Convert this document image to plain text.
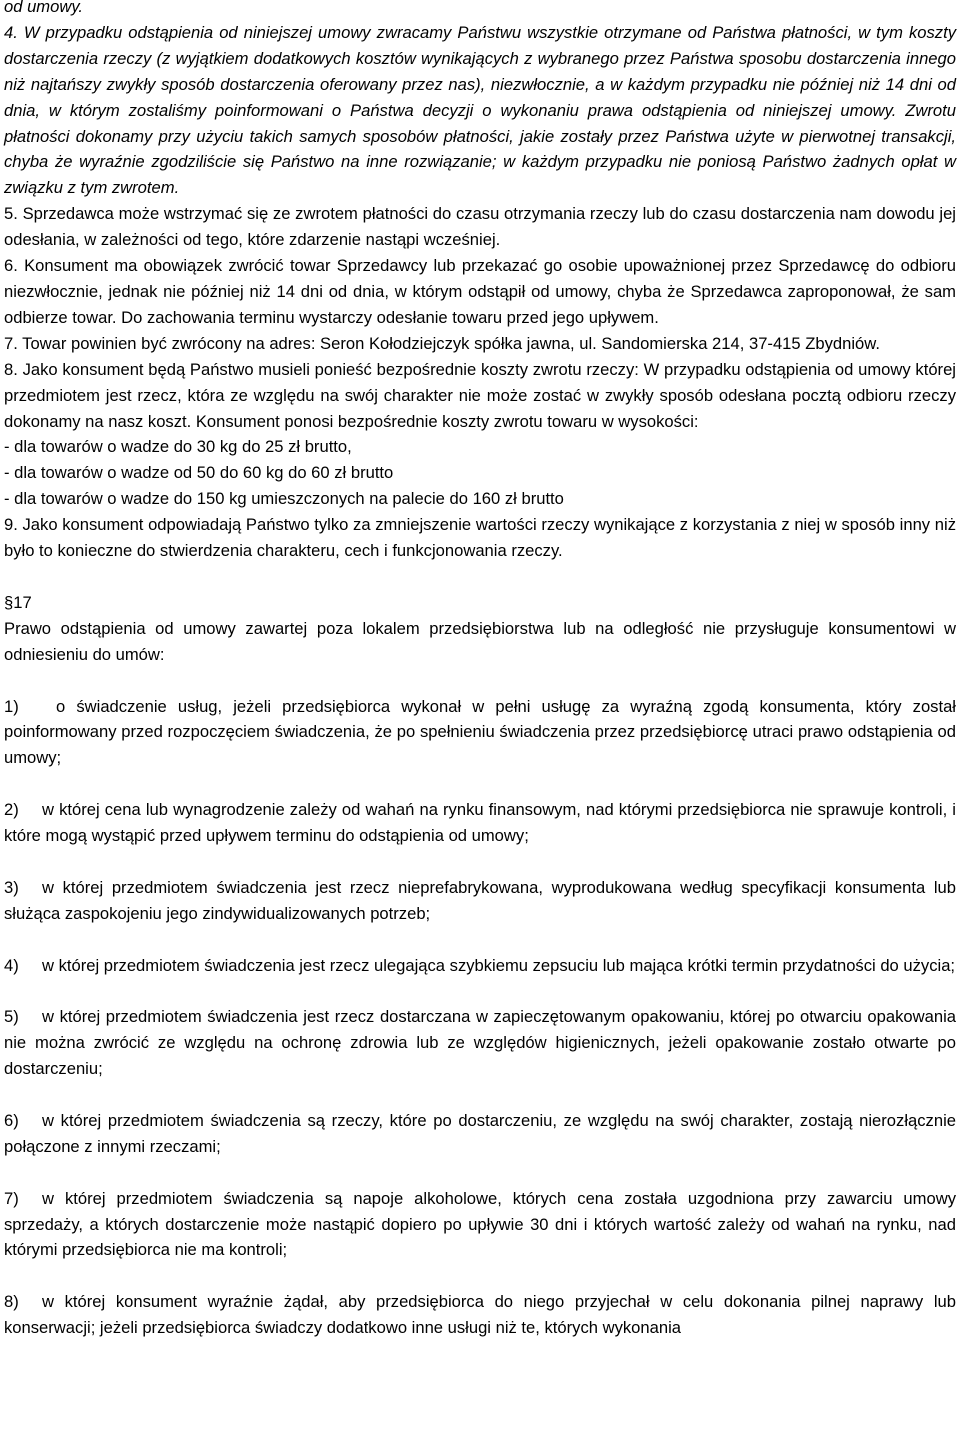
od umowy.

4. W przypadku odstąpienia od niniejszej umowy zwracamy Państwu wszystkie otrzymane od Państwa płatności, w tym koszty dostarczenia rzeczy (z wyjątkiem dodatkowych kosztów wynikających z wybranego przez Państwa sposobu dostarczenia innego niż najtańszy zwykły sposób dostarczenia oferowany przez nas), niezwłocznie, a w każdym przypadku nie później niż 14 dni od dnia, w którym zostaliśmy poinformowani o Państwa decyzji o wykonaniu prawa odstąpienia od niniejszej umowy. Zwrotu płatności dokonamy przy użyciu takich samych sposobów płatności, jakie zostały przez Państwa użyte w pierwotnej transakcji, chyba że wyraźnie zgodziliście się Państwo na inne rozwiązanie; w każdym przypadku nie poniosą Państwo żadnych opłat w związku z tym zwrotem.

5. Sprzedawca może wstrzymać się ze zwrotem płatności do czasu otrzymania rzeczy lub do czasu dostarczenia nam dowodu jej odesłania, w zależności od tego, które zdarzenie nastąpi wcześniej.

6. Konsument ma obowiązek zwrócić towar Sprzedawcy lub przekazać go osobie upoważnionej przez Sprzedawcę do odbioru niezwłocznie, jednak nie później niż 14 dni od dnia, w którym odstąpił od umowy, chyba że Sprzedawca zaproponował, że sam odbierze towar. Do zachowania terminu wystarczy odesłanie towaru przed jego upływem.

7. Towar powinien być zwrócony na adres: Seron Kołodziejczyk spółka jawna, ul. Sandomierska 214, 37-415 Zbydniów.

8. Jako konsument będą Państwo musieli ponieść bezpośrednie koszty zwrotu rzeczy: W przypadku odstąpienia od umowy której przedmiotem jest rzecz, która ze względu na swój charakter nie może zostać w zwykły sposób odesłana pocztą odbioru rzeczy dokonamy na nasz koszt. Konsument ponosi bezpośrednie koszty zwrotu towaru w wysokości:

- dla towarów o wadze do 30 kg do 25 zł brutto,

- dla towarów o wadze od 50 do 60 kg do 60 zł brutto

- dla towarów o wadze do 150 kg umieszczonych na palecie do 160 zł brutto

9. Jako konsument odpowiadają Państwo tylko za zmniejszenie wartości rzeczy wynikające z korzystania z niej w sposób inny niż było to konieczne do stwierdzenia charakteru, cech i funkcjonowania rzeczy.

§17

Prawo odstąpienia od umowy zawartej poza lokalem przedsiębiorstwa lub na odległość nie przysługuje konsumentowi w odniesieniu do umów:

1) o świadczenie usług, jeżeli przedsiębiorca wykonał w pełni usługę za wyraźną zgodą konsumenta, który został poinformowany przed rozpoczęciem świadczenia, że po spełnieniu świadczenia przez przedsiębiorcę utraci prawo odstąpienia od umowy;

2) w której cena lub wynagrodzenie zależy od wahań na rynku finansowym, nad którymi przedsiębiorca nie sprawuje kontroli, i które mogą wystąpić przed upływem terminu do odstąpienia od umowy;

3) w której przedmiotem świadczenia jest rzecz nieprefabrykowana, wyprodukowana według specyfikacji konsumenta lub służąca zaspokojeniu jego zindywidualizowanych potrzeb;

4) w której przedmiotem świadczenia jest rzecz ulegająca szybkiemu zepsuciu lub mająca krótki termin przydatności do użycia;

5) w której przedmiotem świadczenia jest rzecz dostarczana w zapieczętowanym opakowaniu, której po otwarciu opakowania nie można zwrócić ze względu na ochronę zdrowia lub ze względów higienicznych, jeżeli opakowanie zostało otwarte po dostarczeniu;

6) w której przedmiotem świadczenia są rzeczy, które po dostarczeniu, ze względu na swój charakter, zostają nierozłącznie połączone z innymi rzeczami;

7) w której przedmiotem świadczenia są napoje alkoholowe, których cena została uzgodniona przy zawarciu umowy sprzedaży, a których dostarczenie może nastąpić dopiero po upływie 30 dni i których wartość zależy od wahań na rynku, nad którymi przedsiębiorca nie ma kontroli;

8) w której konsument wyraźnie żądał, aby przedsiębiorca do niego przyjechał w celu dokonania pilnej naprawy lub konserwacji; jeżeli przedsiębiorca świadczy dodatkowo inne usługi niż te, których wykonania
